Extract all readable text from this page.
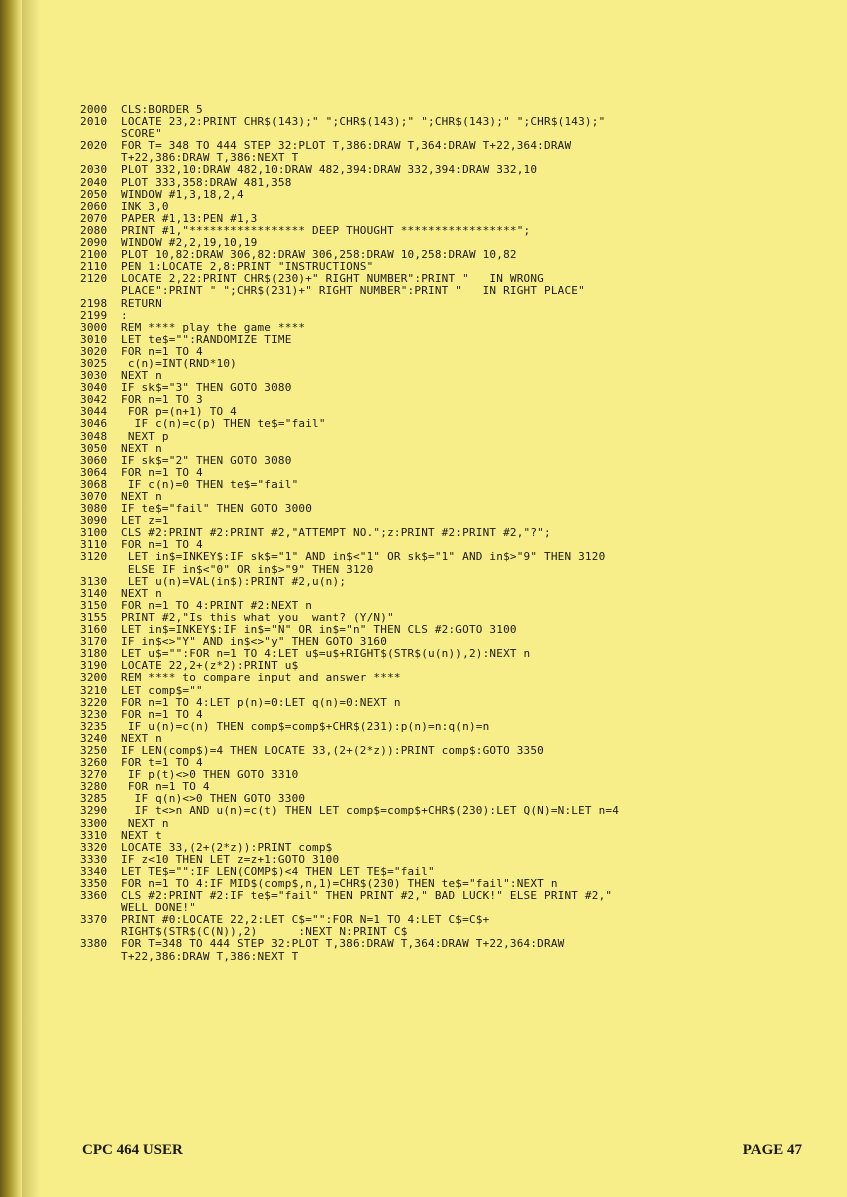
2000	CLS:BORDER 5
2010	LOCATE 23,2:PRINT CHR$(143);" ";CHR$(143);" ";CHR$(143);" ";CHR$(143);"
SCORE"
2020	FOR T= 348 TO 444 STEP 32:PLOT T,386:DRAW T,364:DRAW T+22,364:DRAW
T+22,386:DRAW T,386:NEXT T
2030	PLOT 332,10:DRAW 482,10:DRAW 482,394:DRAW 332,394:DRAW 332,10
2040	PLOT 333,358:DRAW 481,358
2050	WINDOW #1,3,18,2,4
2060	INK 3,0
2070	PAPER #1,13:PEN #1,3
2080	PRINT #1,"***************** DEEP THOUGHT *****************";
2090	WINDOW #2,2,19,10,19
2100	PLOT 10,82:DRAW 306,82:DRAW 306,258:DRAW 10,258:DRAW 10,82
2110	PEN 1:LOCATE 2,8:PRINT "INSTRUCTIONS"
2120	LOCATE 2,22:PRINT CHR$(230)+" RIGHT NUMBER":PRINT "   IN WRONG
PLACE":PRINT " ";CHR$(231)+" RIGHT NUMBER":PRINT "   IN RIGHT PLACE"
2198	RETURN
2199	:
3000	REM **** play the game ****
3010	LET te$="":RANDOMIZE TIME
3020	FOR n=1 TO 4
3025	c(n)=INT(RND*10)
3030	NEXT n
3040	IF sk$="3" THEN GOTO 3080
3042	FOR n=1 TO 3
3044	FOR p=(n+1) TO 4
3046	IF c(n)=c(p) THEN te$="fail"
3048	NEXT p
3050	NEXT n
3060	IF sk$="2" THEN GOTO 3080
3064	FOR n=1 TO 4
3068	IF c(n)=0 THEN te$="fail"
3070	NEXT n
3080	IF te$="fail" THEN GOTO 3000
3090	LET z=1
3100	CLS #2:PRINT #2:PRINT #2,"ATTEMPT NO.";z:PRINT #2:PRINT #2,"?";
3110	FOR n=1 TO 4
3120	LET in$=INKEY$:IF sk$="1" AND in$<"1" OR sk$="1" AND in$>"9" THEN 3120
ELSE IF in$<"0" OR in$>"9" THEN 3120
3130	LET u(n)=VAL(in$):PRINT #2,u(n);
3140	NEXT n
3150	FOR n=1 TO 4:PRINT #2:NEXT n
3155	PRINT #2,"Is this what you  want? (Y/N)"
3160	LET in$=INKEY$:IF in$="N" OR in$="n" THEN CLS #2:GOTO 3100
3170	IF in$<>"Y" AND in$<>"y" THEN GOTO 3160
3180	LET u$="":FOR n=1 TO 4:LET u$=u$+RIGHT$(STR$(u(n)),2):NEXT n
3190	LOCATE 22,2+(z*2):PRINT u$
3200	REM **** to compare input and answer ****
3210	LET comp$=""
3220	FOR n=1 TO 4:LET p(n)=0:LET q(n)=0:NEXT n
3230	FOR n=1 TO 4
3235	IF u(n)=c(n) THEN comp$=comp$+CHR$(231):p(n)=n:q(n)=n
3240	NEXT n
3250	IF LEN(comp$)=4 THEN LOCATE 33,(2+(2*z)):PRINT comp$:GOTO 3350
3260	FOR t=1 TO 4
3270	IF p(t)<>0 THEN GOTO 3310
3280	FOR n=1 TO 4
3285	IF q(n)<>0 THEN GOTO 3300
3290	IF t<>n AND u(n)=c(t) THEN LET comp$=comp$+CHR$(230):LET Q(N)=N:LET n=4
3300	NEXT n
3310	NEXT t
3320	LOCATE 33,(2+(2*z)):PRINT comp$
3330	IF z<10 THEN LET z=z+1:GOTO 3100
3340	LET TE$="":IF LEN(COMP$)<4 THEN LET TE$="fail"
3350	FOR n=1 TO 4:IF MID$(comp$,n,1)=CHR$(230) THEN te$="fail":NEXT n
3360	CLS #2:PRINT #2:IF te$="fail" THEN PRINT #2," BAD LUCK!" ELSE PRINT #2,"
WELL DONE!"
3370	PRINT #0:LOCATE 22,2:LET C$="":FOR N=1 TO 4:LET C$=C$+
RIGHT$(STR$(C(N)),2)      :NEXT N:PRINT C$
3380	FOR T=348 TO 444 STEP 32:PLOT T,386:DRAW T,364:DRAW T+22,364:DRAW
T+22,386:DRAW T,386:NEXT T
CPC 464 USER	PAGE 47
